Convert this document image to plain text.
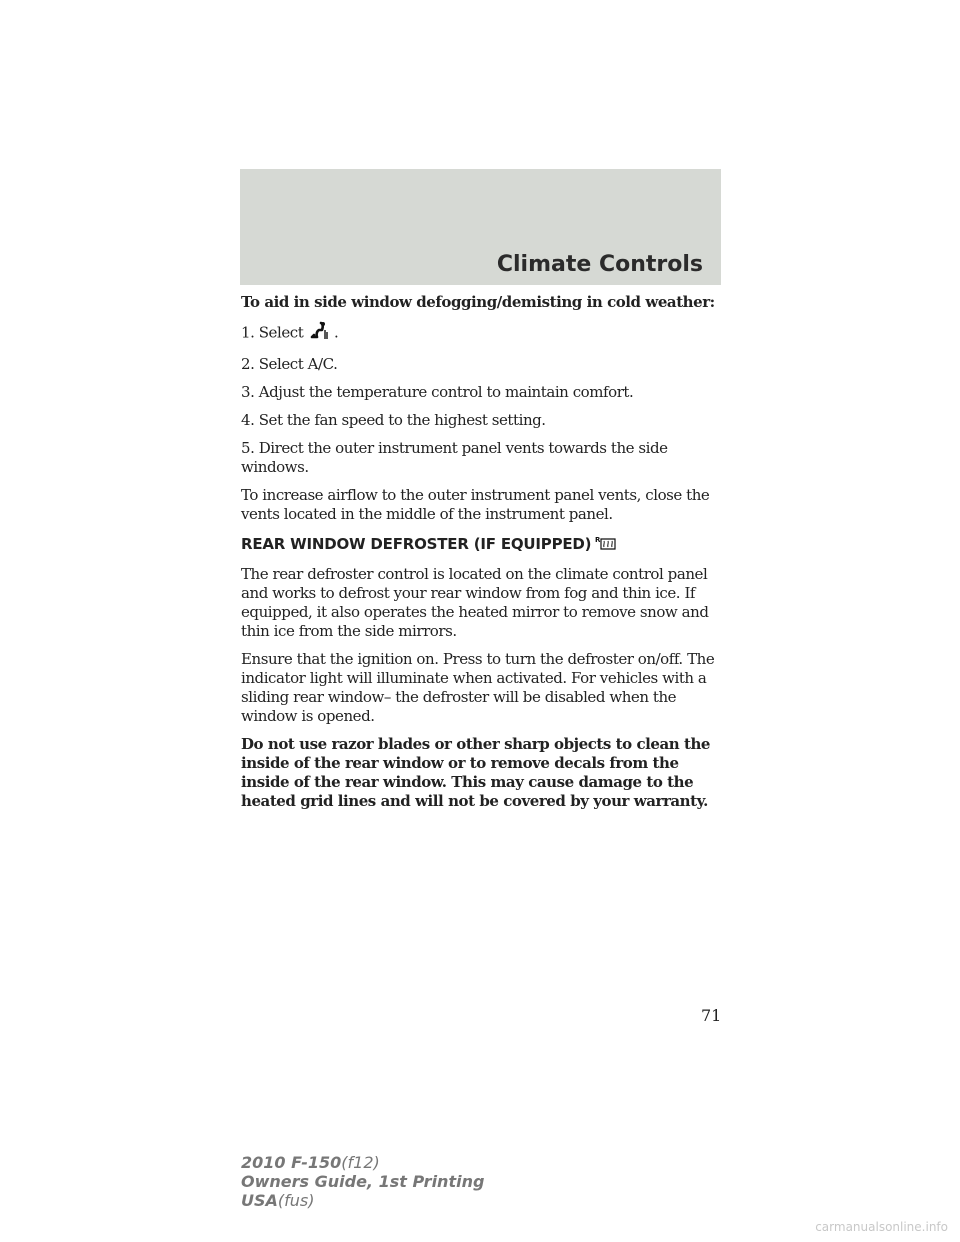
Climate Controls

To aid in side window defogging/demisting in cold weather:

1. Select .

2. Select A/C.

3. Adjust the temperature control to maintain comfort.

4. Set the fan speed to the highest setting.

5. Direct the outer instrument panel vents towards the side windows.

To increase airflow to the outer instrument panel vents, close the vents located in the middle of the instrument panel.

REAR WINDOW DEFROSTER (IF EQUIPPED) R

The rear defroster control is located on the climate control panel and works to defrost your rear window from fog and thin ice. If equipped, it also operates the heated mirror to remove snow and thin ice from the side mirrors.

Ensure that the ignition on. Press to turn the defroster on/off. The indicator light will illuminate when activated. For vehicles with a sliding rear window– the defroster will be disabled when the window is opened.

Do not use razor blades or other sharp objects to clean the inside of the rear window or to remove decals from the inside of the rear window. This may cause damage to the heated grid lines and will not be covered by your warranty.

71
2010 F-150(f12)
Owners Guide, 1st Printing
USA(fus)
carmanualsonline.info
